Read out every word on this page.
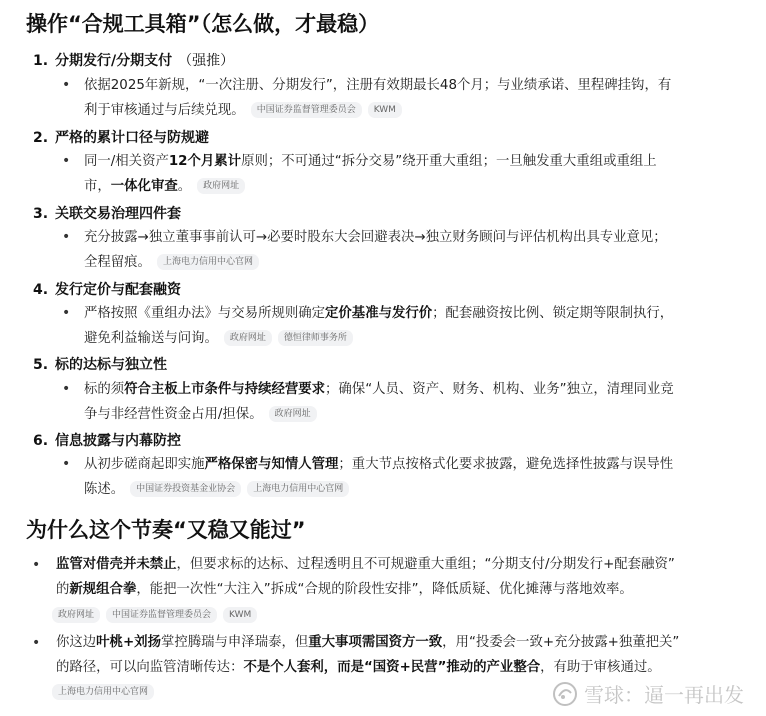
操作“合规工具箱”（怎么做，才最稳）
1. 分期发行/分期支付 （强推）
•	依据2025年新规，“一次注册、分期发行”，注册有效期最长48个月；与业绩承诺、里程碑挂钩，有
利于审核通过与后续兑现。 中国证券监督管理委员会 KWM
2. 严格的累计口径与防规避
•	同一/相关资产12个月累计原则；不可通过“拆分交易”绕开重大重组；一旦触发重大重组或重组上
市，一体化审查。 政府网址
3. 关联交易治理四件套
•	充分披露→独立董事事前认可→必要时股东大会回避表决→独立财务顾问与评估机构出具专业意见；
全程留痕。 上海电力信用中心官网
4. 发行定价与配套融资
•	严格按照《重组办法》与交易所规则确定定价基准与发行价；配套融资按比例、锁定期等限制执行，
避免利益输送与问询。 政府网址 德恒律师事务所
5. 标的达标与独立性
•	标的须符合主板上市条件与持续经营要求；确保“人员、资产、财务、机构、业务”独立，清理同业竞
争与非经营性资金占用/担保。 政府网址
6. 信息披露与内幕防控
•	从初步磋商起即实施严格保密与知情人管理；重大节点按格式化要求披露，避免选择性披露与误导性
陈述。 中国证券投资基金业协会 上海电力信用中心官网
为什么这个节奏“又稳又能过”
•	监管对借壳并未禁止，但要求标的达标、过程透明且不可规避重大重组；“分期支付/分期发行+配套融资”
的新规组合拳，能把一次性“大注入”拆成“合规的阶段性安排”，降低质疑、优化摊薄与落地效率。
政府网址 中国证券监督管理委员会 KWM
•	你这边叶桃+刘扬掌控腾瑞与申泽瑞泰，但重大事项需国资方一致，用“投委会一致+充分披露+独董把关”
的路径，可以向监管清晰传达：不是个人套利，而是“国资+民营”推动的产业整合，有助于审核通过。
上海电力信用中心官网	雪球：逼一再出发
